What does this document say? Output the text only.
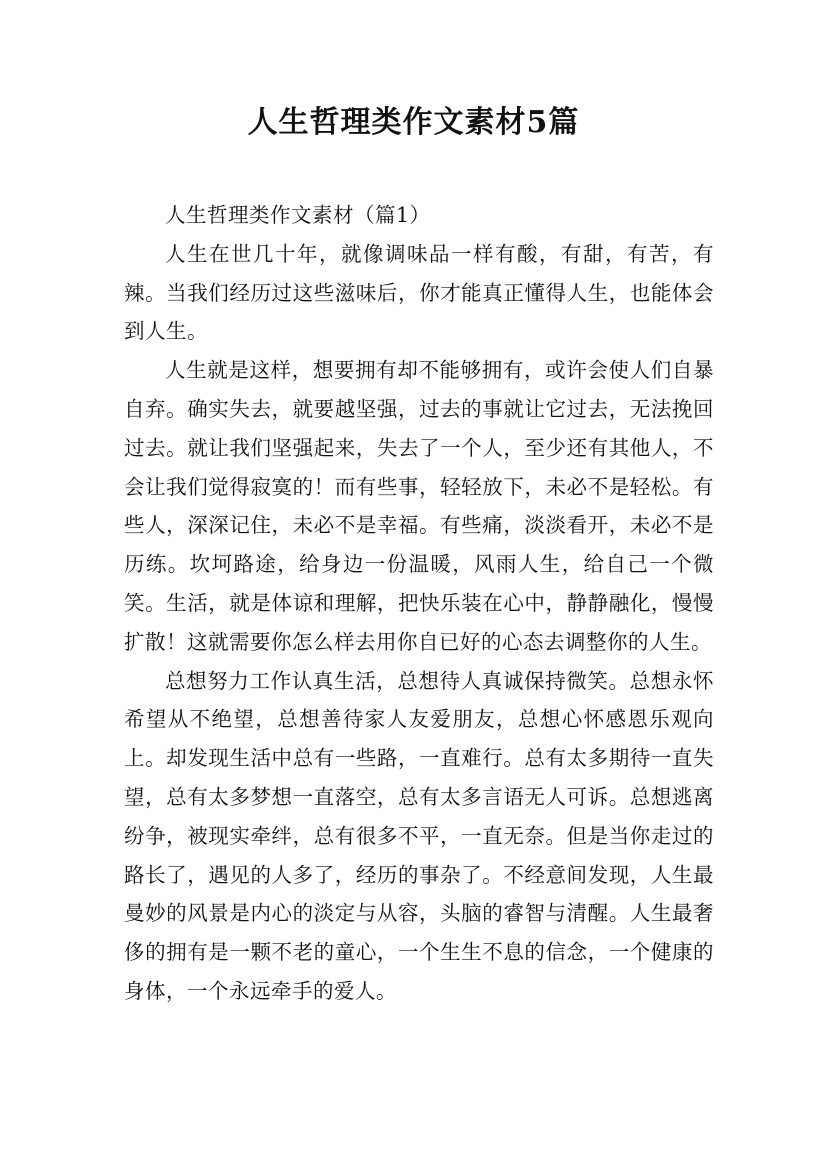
人生哲理类作文素材5篇

人生哲理类作文素材（篇1）

人生在世几十年，就像调味品一样有酸，有甜，有苦，有辣。当我们经历过这些滋味后，你才能真正懂得人生，也能体会到人生。

人生就是这样，想要拥有却不能够拥有，或许会使人们自暴自弃。确实失去，就要越坚强，过去的事就让它过去，无法挽回过去。就让我们坚强起来，失去了一个人，至少还有其他人，不会让我们觉得寂寞的！而有些事，轻轻放下，未必不是轻松。有些人，深深记住，未必不是幸福。有些痛，淡淡看开，未必不是历练。坎坷路途，给身边一份温暖，风雨人生，给自己一个微笑。生活，就是体谅和理解，把快乐装在心中，静静融化，慢慢扩散！这就需要你怎么样去用你自已好的心态去调整你的人生。

总想努力工作认真生活，总想待人真诚保持微笑。总想永怀希望从不绝望，总想善待家人友爱朋友，总想心怀感恩乐观向上。却发现生活中总有一些路，一直难行。总有太多期待一直失望，总有太多梦想一直落空，总有太多言语无人可诉。总想逃离纷争，被现实牵绊，总有很多不平，一直无奈。但是当你走过的路长了，遇见的人多了，经历的事杂了。不经意间发现，人生最曼妙的风景是内心的淡定与从容，头脑的睿智与清醒。人生最奢侈的拥有是一颗不老的童心，一个生生不息的信念，一个健康的身体，一个永远牵手的爱人。
